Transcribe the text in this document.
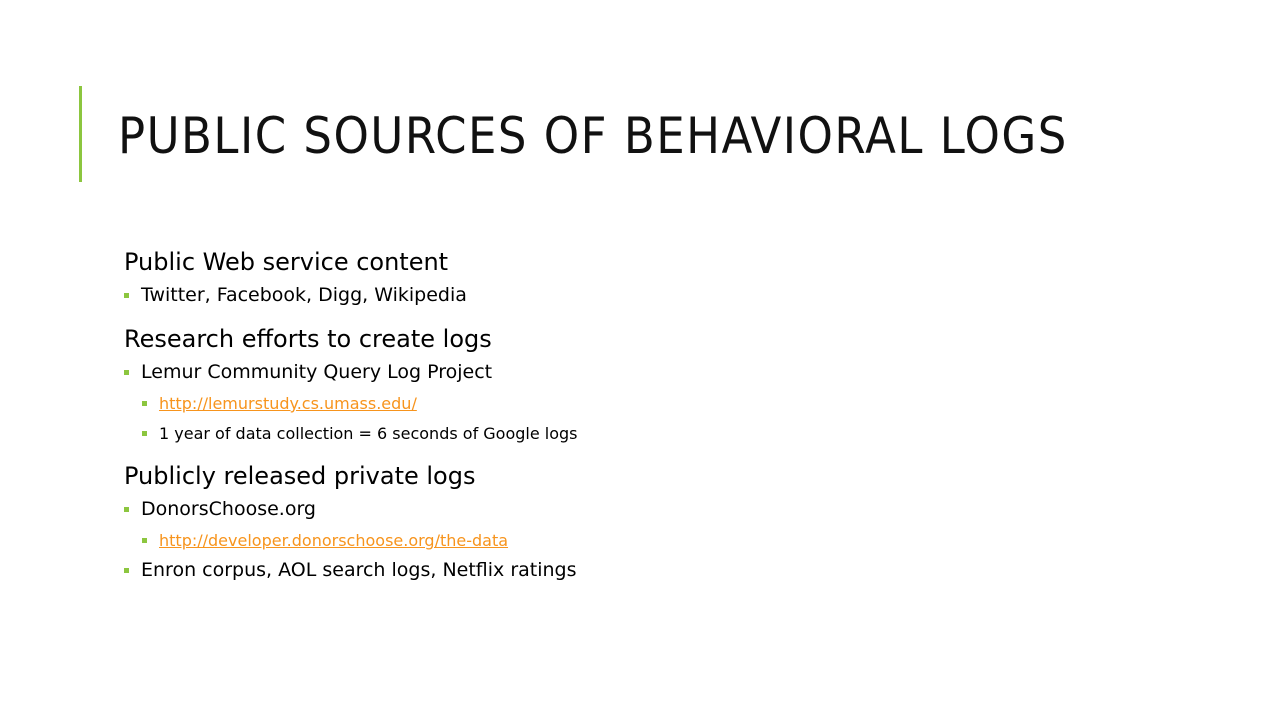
PUBLIC SOURCES OF BEHAVIORAL LOGS
Public Web service content
Twitter, Facebook, Digg, Wikipedia
Research efforts to create logs
Lemur Community Query Log Project
http://lemurstudy.cs.umass.edu/
1 year of data collection = 6 seconds of Google logs
Publicly released private logs
DonorsChoose.org
http://developer.donorschoose.org/the-data
Enron corpus, AOL search logs, Netflix ratings
